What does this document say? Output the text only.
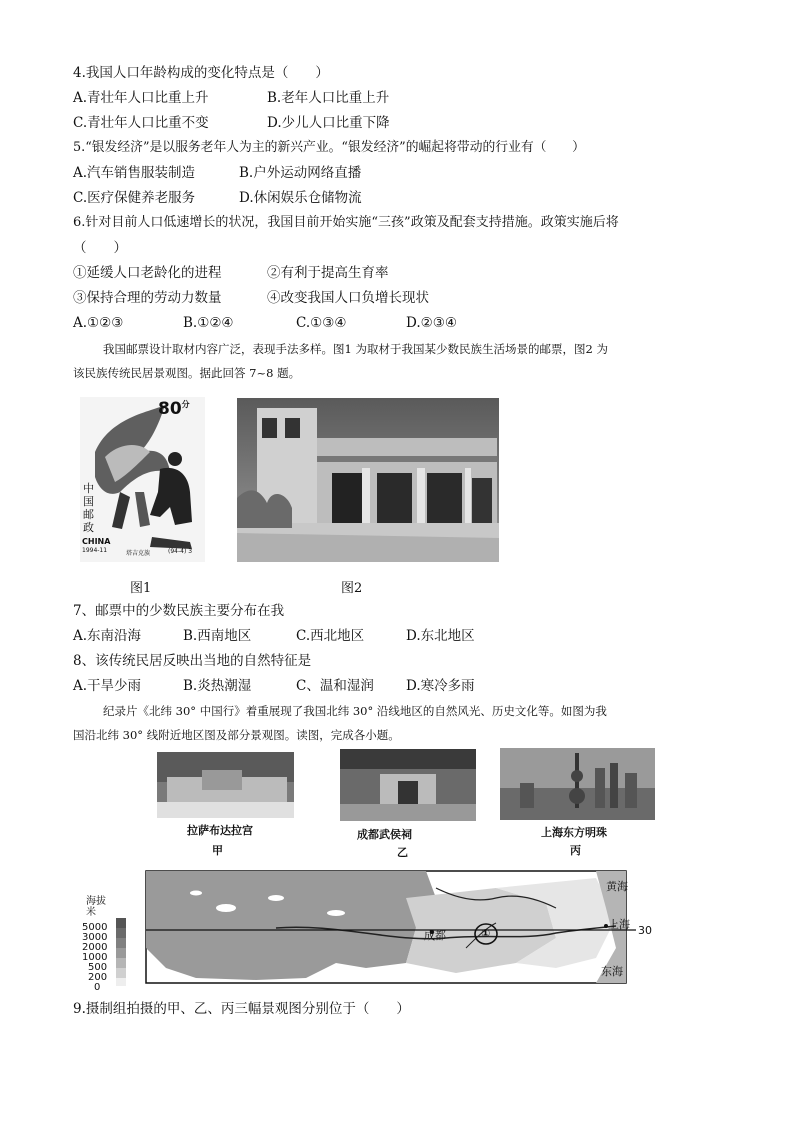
4.我国人口年龄构成的变化特点是（　　）
A.青壮年人口比重上升	B.老年人口比重上升
C.青壮年人口比重不变	D.少儿人口比重下降
5.“银发经济”是以服务老年人为主的新兴产业。“银发经济”的崛起将带动的行业有（　　）
A.汽车销售服装制造	B.户外运动网络直播
C.医疗保健养老服务	D.休闲娱乐仓储物流
6.针对目前人口低速增长的状况，我国目前开始实施“三孩”政策及配套支持措施。政策实施后将
（　　）
①延缓人口老龄化的进程	②有利于提高生育率
③保持合理的劳动力数量	④改变我国人口负增长现状
A.①②③	B.①②④	C.①③④	D.②③④
我国邮票设计取材内容广泛，表现手法多样。图1 为取材于我国某少数民族生活场景的邮票，图2 为
该民族传统民居景观图。据此回答 7~8 题。
$80^分$
中国邮政
CHINA
1994-11	塔吉克族	(94-4) 3
图1	图2
7、邮票中的少数民族主要分布在我
A.东南沿海	B.西南地区	C.西北地区	D.东北地区
8、该传统民居反映出当地的自然特征是
A.干旱少雨	B.炎热潮湿	C、温和湿润 D.寒冷多雨
纪录片《北纬 30° 中国行》着重展现了我国北纬 30° 沿线地区的自然风光、历史文化等。如图为我
国沿北纬 30° 线附近地区图及部分景观图。读图，完成各小题。
拉萨布达拉宫
甲
成都武侯祠
乙
上海东方明珠
丙
海拔
米
5000
3000
2000
1000
500
200
0
黄海
东海
上海
成都	30
①
9.摄制组拍摄的甲、乙、丙三幅景观图分别位于（　　）
